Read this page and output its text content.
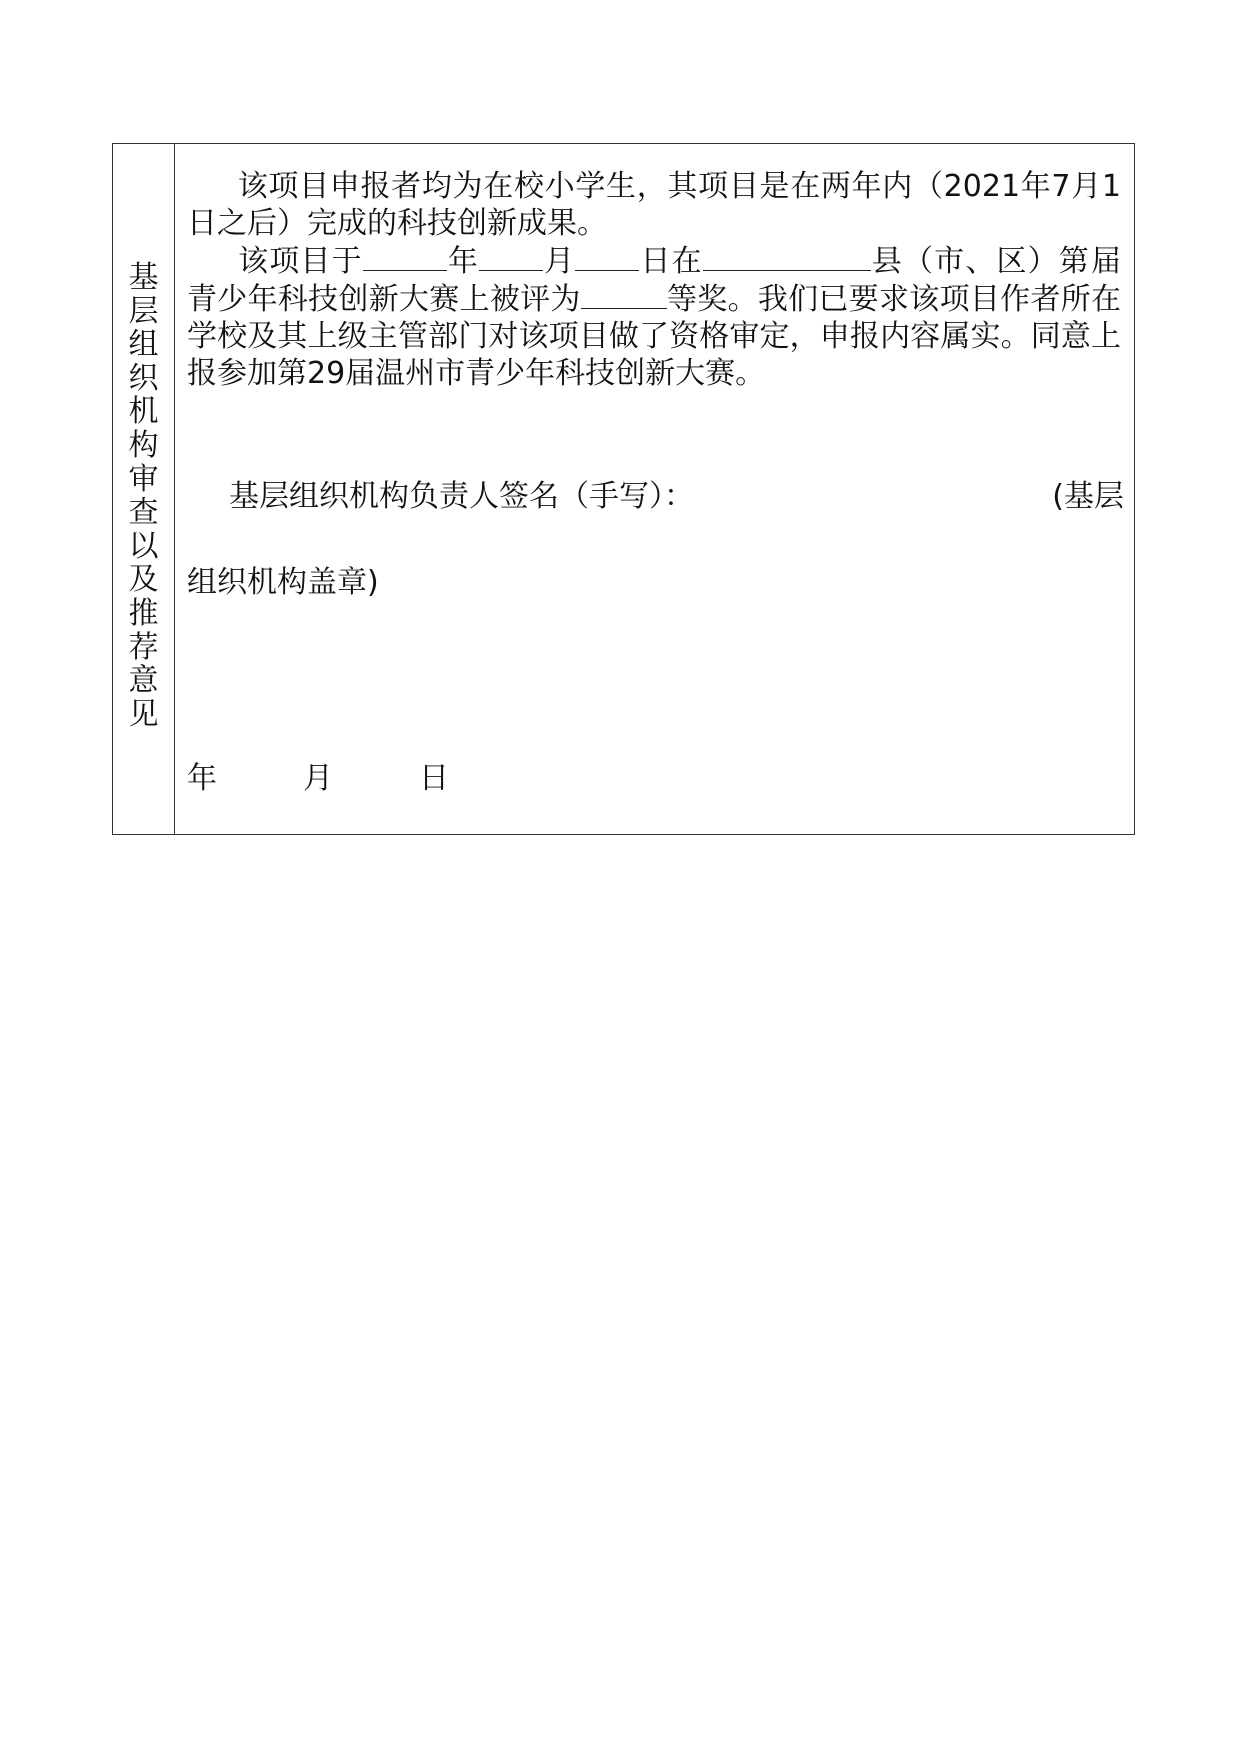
基
层
组
织
机
构
审
查
以
及
推
荐
意
见

该项目申报者均为在校小学生，其项目是在两年内（2021年7月1日之后）完成的科技创新成果。

该项目于	年 月 日在	县（市、区）第届青少年科技创新大赛上被评为	等奖。我们已要求该项目作者所在学校及其上级主管部门对该项目做了资格审定，申报内容属实。同意上报参加第29届温州市青少年科技创新大赛。

基层组织机构负责人签名（手写）：	(基层
组织机构盖章)
年	月	日
